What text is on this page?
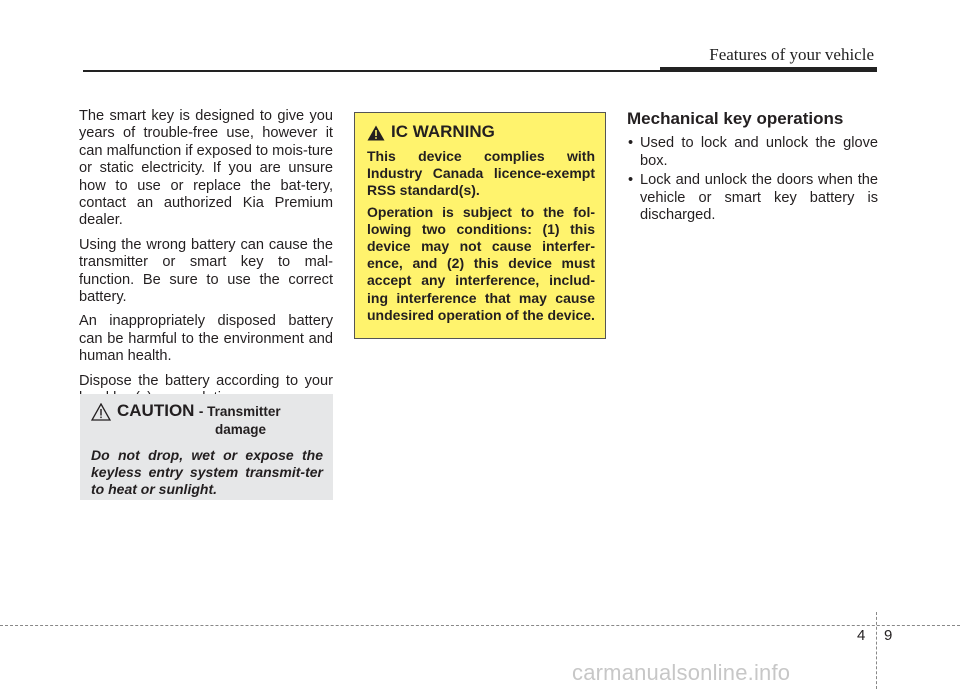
Features of your vehicle

The smart key is designed to give you years of trouble-free use, however it can malfunction if exposed to mois-ture or static electricity. If you are unsure how to use or replace the bat-tery, contact an authorized Kia Premium dealer.

Using the wrong battery can cause the transmitter or smart key to mal-function. Be sure to use the correct battery.

An inappropriately disposed battery can be harmful to the environment and human health.

Dispose the battery according to your

CAUTION - Transmitter
damage
Do not drop, wet or expose the keyless entry system transmit-ter to heat or sunlight.
IC WARNING

This device complies with Industry Canada licence-exempt RSS standard(s).

Operation is subject to the fol-lowing two conditions: (1) this device may not cause interfer-ence, and (2) this device must accept any interference, includ-ing interference that may cause undesired operation of the device.

Mechanical key operations
• Used to lock and unlock the glove box.
• Lock and unlock the doors when the vehicle or smart key battery is discharged.
4 9
carmanualsonline.info
